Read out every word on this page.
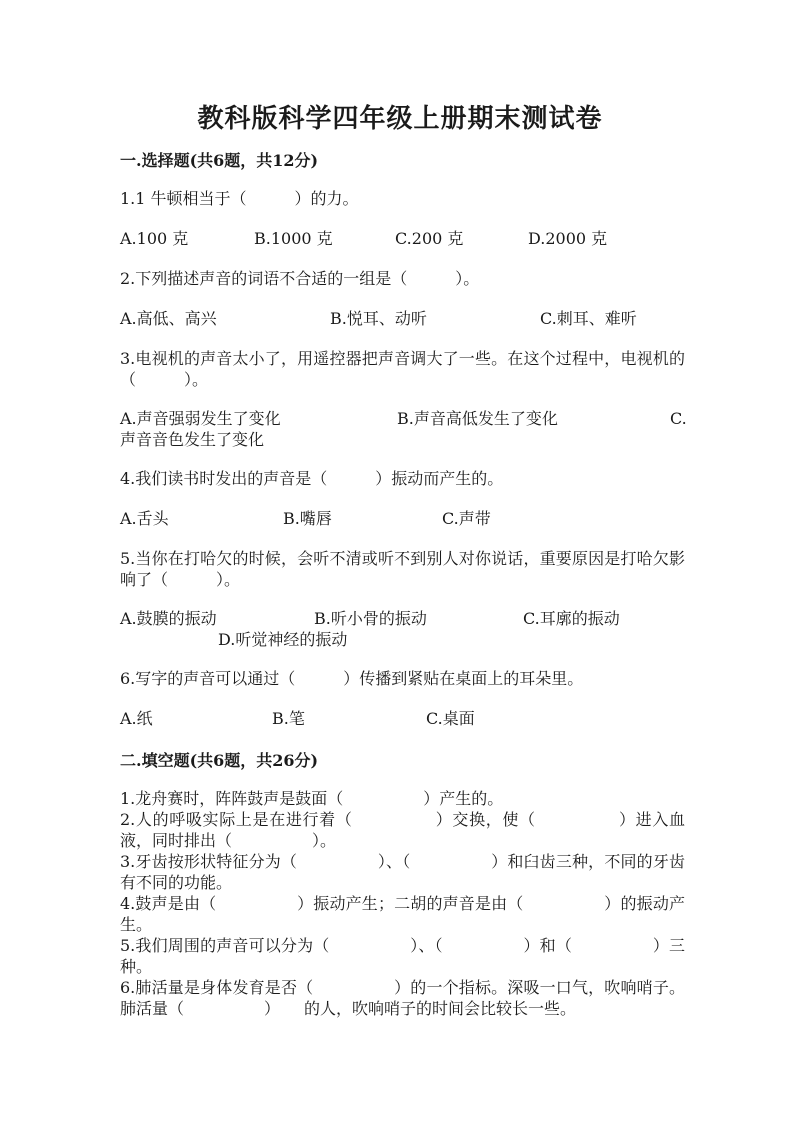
教科版科学四年级上册期末测试卷

一.选择题(共6题，共12分)

1.1 牛顿相当于（　　　）的力。

A.100 克	B.1000 克	C.200 克	D.2000 克

2.下列描述声音的词语不合适的一组是（　　　）。

A.高低、高兴	B.悦耳、动听	C.刺耳、难听

3.电视机的声音太小了，用遥控器把声音调大了一些。在这个过程中，电视机的（　　　）。

A.声音强弱发生了变化	B.声音高低发生了变化	C.
声音音色发生了变化

4.我们读书时发出的声音是（　　　）振动而产生的。

A.舌头	B.嘴唇	C.声带

5.当你在打哈欠的时候，会听不清或听不到别人对你说话，重要原因是打哈欠影响了（　　　）。

A.鼓膜的振动	B.听小骨的振动	C.耳廓的振动
D.听觉神经的振动

6.写字的声音可以通过（　　　）传播到紧贴在桌面上的耳朵里。

A.纸	B.笔	C.桌面

二.填空题(共6题，共26分)

1.龙舟赛时，阵阵鼓声是鼓面（　　　　　）产生的。

2.人的呼吸实际上是在进行着（　　　　　）交换，使（　　　　　）进入血液，同时排出（　　　　　）。

3.牙齿按形状特征分为（　　　　　）、（　　　　　）和臼齿三种，不同的牙齿有不同的功能。

4.鼓声是由（　　　　　）振动产生；二胡的声音是由（　　　　　）的振动产生。

5.我们周围的声音可以分为（　　　　　）、（　　　　　）和（　　　　　）三种。

6.肺活量是身体发育是否（　　　　　）的一个指标。深吸一口气，吹响哨子。肺活量（　　　　　）　　的人，吹响哨子的时间会比较长一些。
